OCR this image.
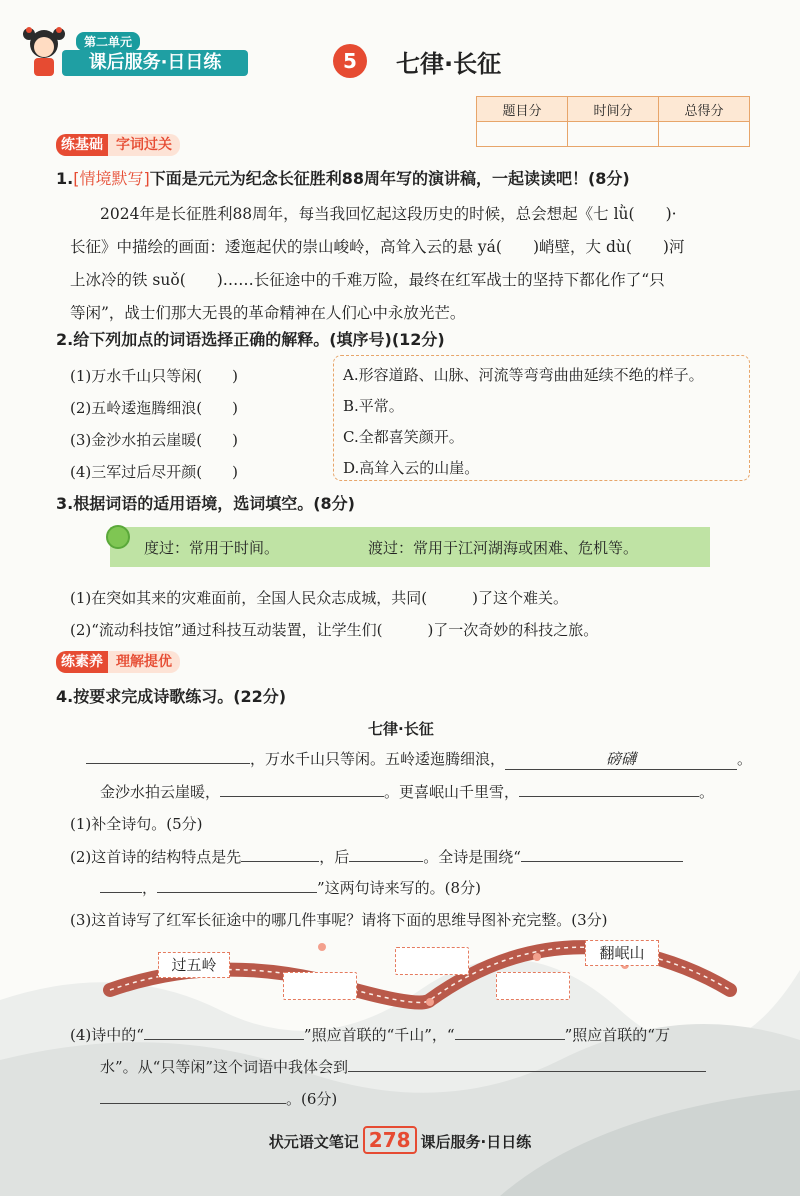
第二单元
课后服务·日日练	5	七律·长征
题目分	时间分	总得分

练基础 字词过关
1.[情境默写]下面是元元为纪念长征胜利88周年写的演讲稿，一起读读吧！(8分)
2024年是长征胜利88周年，每当我回忆起这段历史的时候，总会想起《七 lǜ(　　)·
长征》中描绘的画面：逶迤起伏的崇山峻岭，高耸入云的悬 yá(　　)峭壁，大 dù(　　)河
上冰冷的铁 suǒ(　　)……长征途中的千难万险，最终在红军战士的坚持下都化作了“只
等闲”，战士们那大无畏的革命精神在人们心中永放光芒。
2.给下列加点的词语选择正确的解释。(填序号)(12分)
(1)万水千山只等闲(　　)
(2)五岭逶迤腾细浪(　　)
(3)金沙水拍云崖暖(　　)
(4)三军过后尽开颜(　　)
A.形容道路、山脉、河流等弯弯曲曲延续不绝的样子。
B.平常。
C.全都喜笑颜开。
D.高耸入云的山崖。
3.根据词语的适用语境，选词填空。(8分)
度过：常用于时间。	渡过：常用于江河湖海或困难、危机等。
(1)在突如其来的灾难面前，全国人民众志成城，共同(　　　)了这个难关。
(2)“流动科技馆”通过科技互动装置，让学生们(　　　)了一次奇妙的科技之旅。
练素养 理解提优
4.按要求完成诗歌练习。(22分)
七律·长征
，万水千山只等闲。五岭逶迤腾细浪，	磅礴	。
金沙水拍云崖暖，	。更喜岷山千里雪，	。
(1)补全诗句。(5分)
(2)这首诗的结构特点是先	，后	。全诗是围绕“
，	”这两句诗来写的。(8分)
(3)这首诗写了红军长征途中的哪几件事呢？请将下面的思维导图补充完整。(3分)
过五岭
翻岷山
(4)诗中的“	”照应首联的“千山”，“	”照应首联的“万
水”。从“只等闲”这个词语中我体会到
。(6分)
状元语文笔记 278 课后服务·日日练
